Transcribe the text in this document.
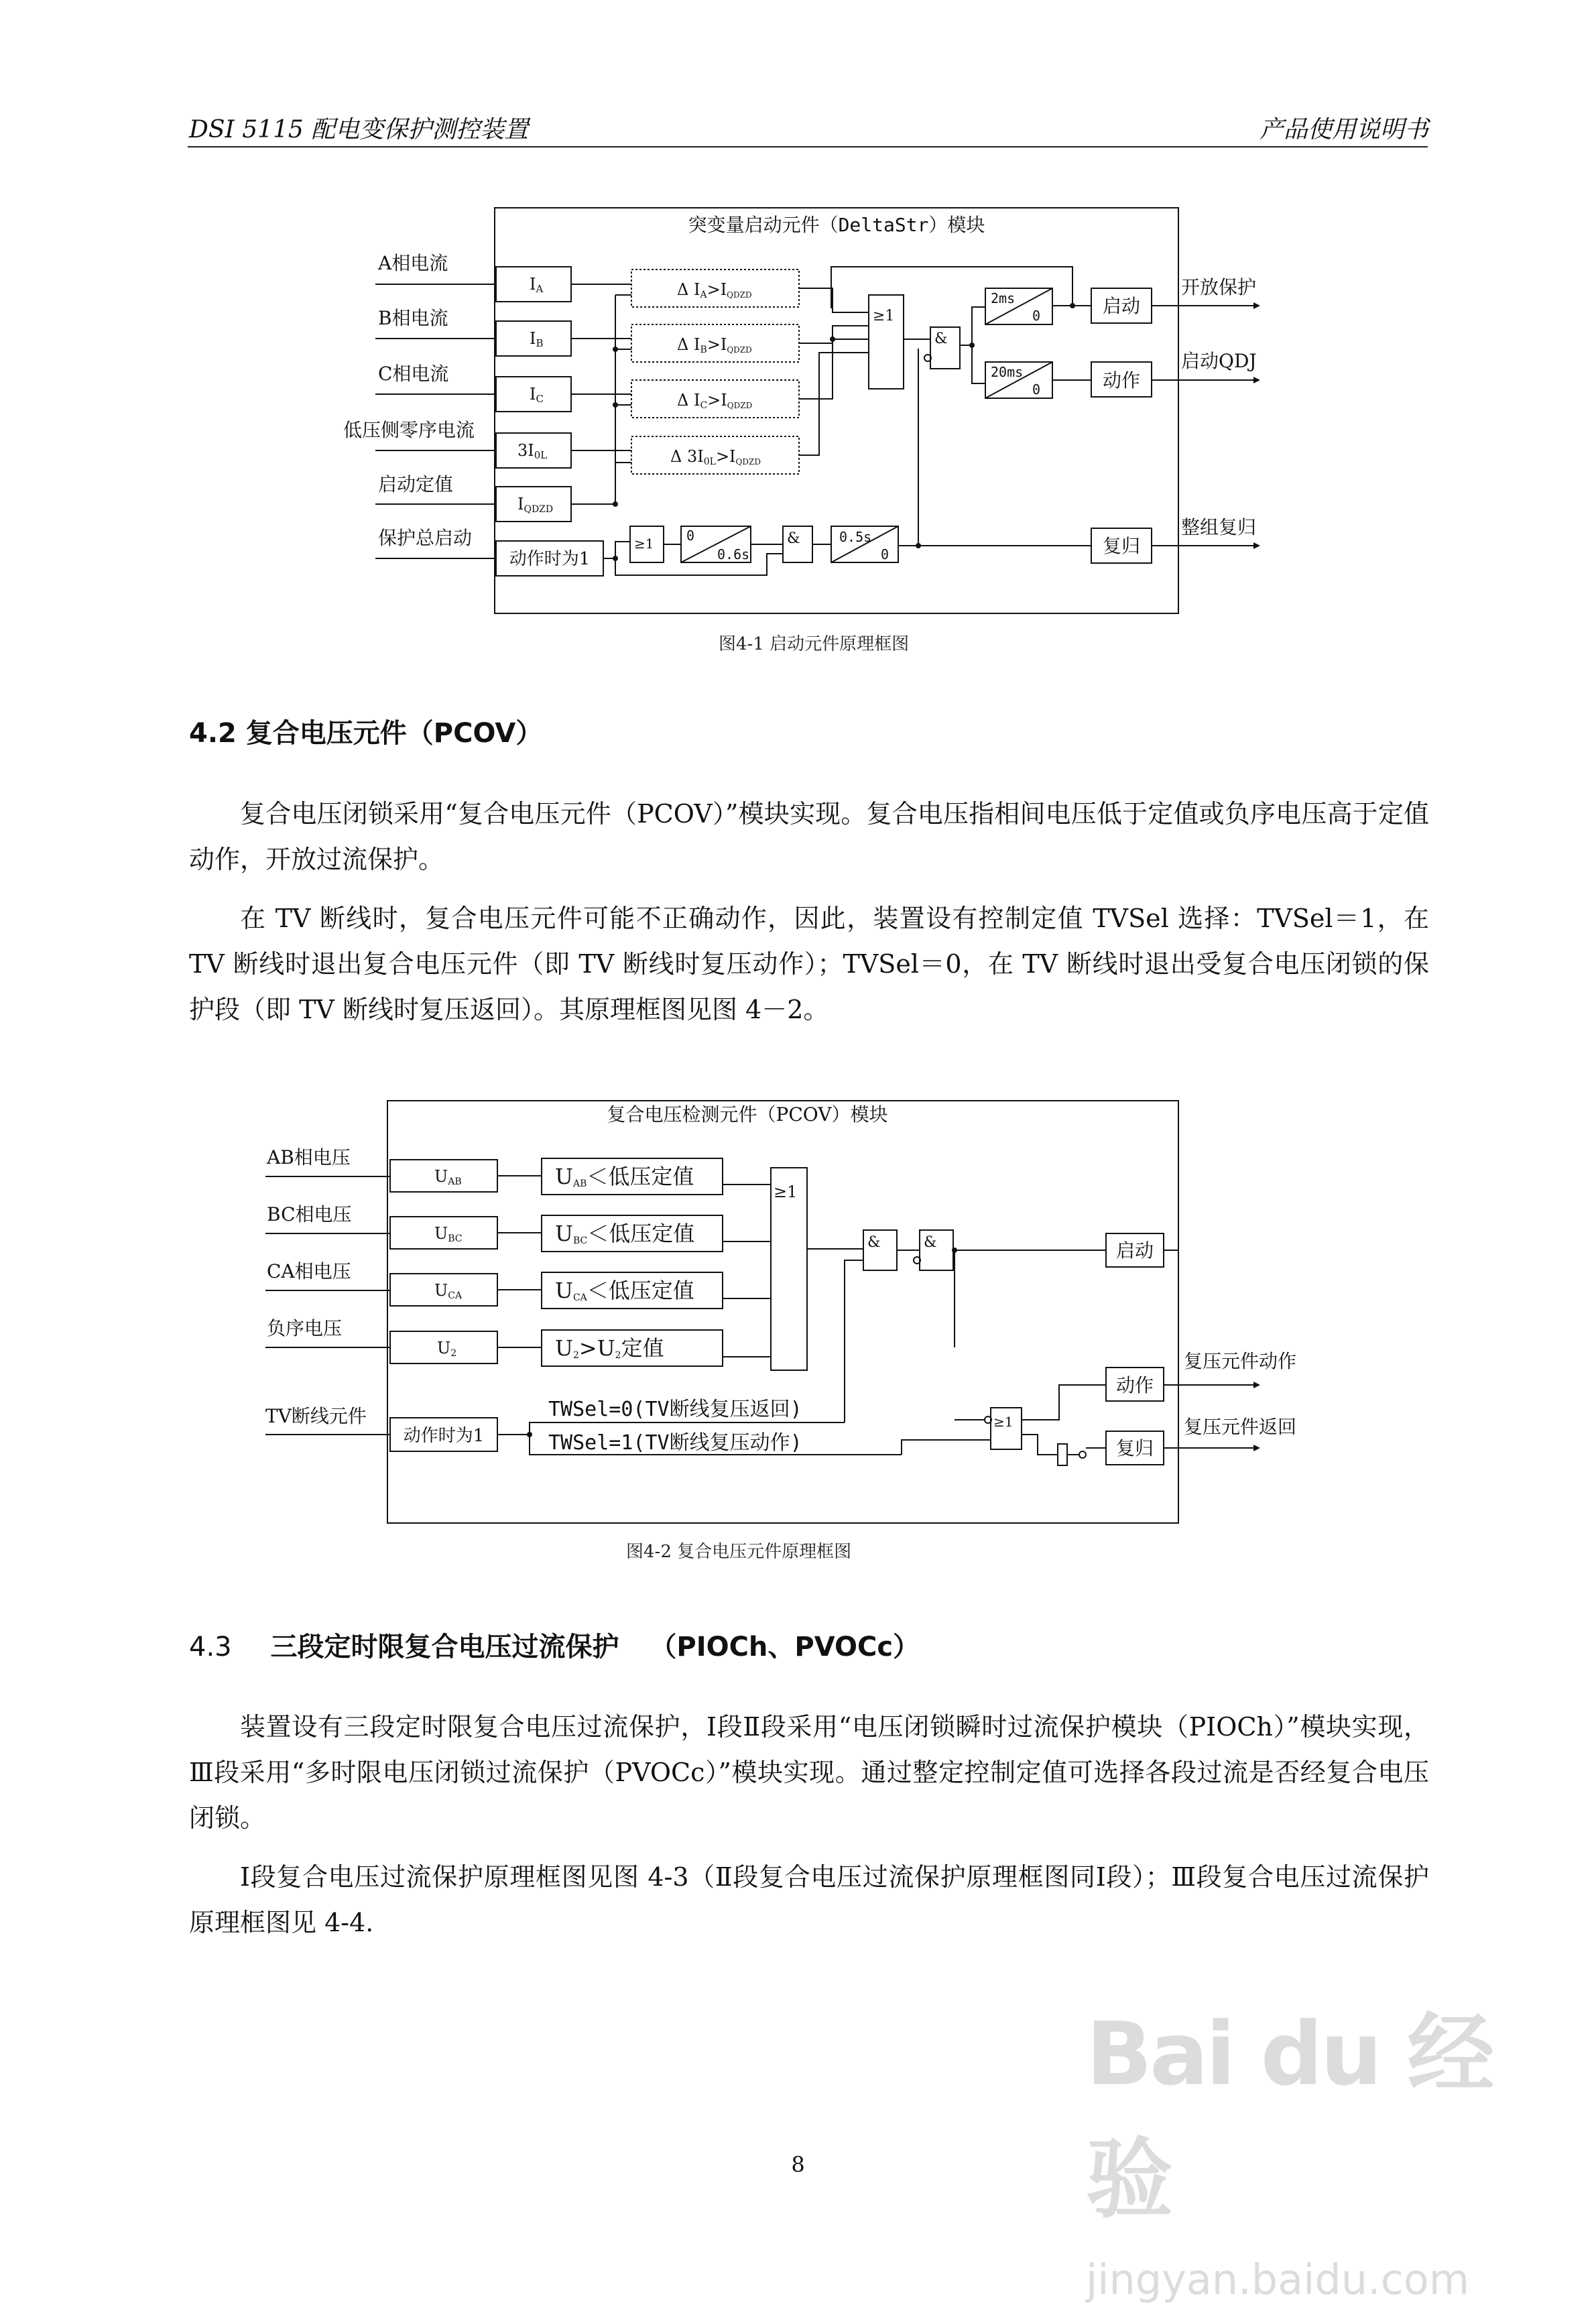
DSI 5115 配电变保护测控装置	产品使用说明书
突变量启动元件（DeltaStr）模块
A相电流
B相电流
C相电流
低压侧零序电流
启动定值
保护总启动
IA
IB
IC
3I0L
IQDZD
动作时为1
Δ IA>IQDZD
Δ IB>IQDZD
Δ IC>IQDZD
Δ 3I0L>IQDZD
≥1
&
2ms
0
20ms
0
启动
动作
复归
开放保护
启动QDJ
整组复归
≥1 0
0.6s
&	0.5s
0
图4-1 启动元件原理框图
4.2 复合电压元件（PCOV）
复合电压闭锁采用“复合电压元件（PCOV）”模块实现。复合电压指相间电压低于定值或负序电压高于定值动作，开放过流保护。
在 TV 断线时，复合电压元件可能不正确动作，因此，装置设有控制定值 TVSel 选择：TVSel＝1，在 TV 断线时退出复合电压元件（即 TV 断线时复压动作）；TVSel＝0，在 TV 断线时退出受复合电压闭锁的保护段（即 TV 断线时复压返回）。其原理框图见图 4－2。
复合电压检测元件（PCOV）模块
AB相电压
BC相电压
CA相电压
负序电压
TV断线元件
UAB
UBC
UCA
U2
动作时为1
UAB＜低压定值
UBC＜低压定值
UCA＜低压定值
U2>U2定值
≥1
&	&
≥1
TWSel=0(TV断线复压返回)
TWSel=1(TV断线复压动作)
启动
动作
复归
复压元件动作
复压元件返回
图4-2 复合电压元件原理框图
4.3 三段定时限复合电压过流保护 （PIOCh、PVOCc）
装置设有三段定时限复合电压过流保护，Ⅰ段Ⅱ段采用“电压闭锁瞬时过流保护模块（PIOCh）”模块实现，Ⅲ段采用“多时限电压闭锁过流保护（PVOCc）”模块实现。通过整定控制定值可选择各段过流是否经复合电压闭锁。
Ⅰ段复合电压过流保护原理框图见图 4-3（Ⅱ段复合电压过流保护原理框图同Ⅰ段）；Ⅲ段复合电压过流保护原理框图见 4-4.
8
Bai du 经验
jingyan.baidu.com
